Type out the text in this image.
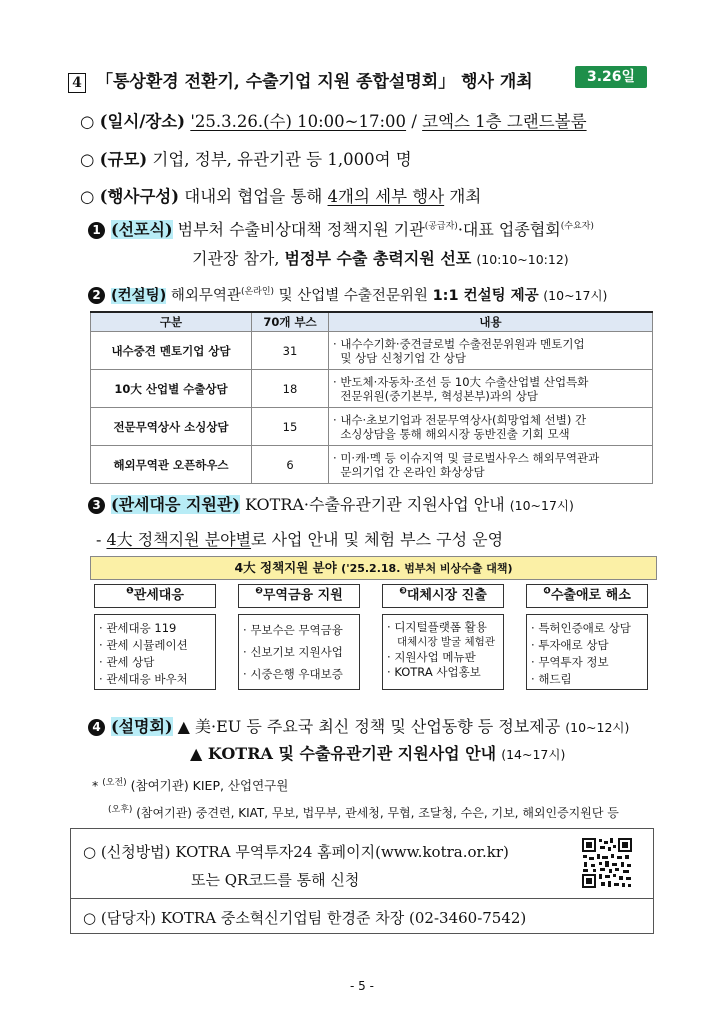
4 「통상환경 전환기, 수출기업 지원 종합설명회」 행사 개최	3.26일
○ (일시/장소) '25.3.26.(수) 10:00~17:00 / 코엑스 1층 그랜드볼룸
○ (규모) 기업, 정부, 유관기관 등 1,000여 명
○ (행사구성) 대내외 협업을 통해 4개의 세부 행사 개최
1 (선포식) 범부처 수출비상대책 정책지원 기관$^{(공급자)}$·대표 업종협회$^{(수요자)}$
기관장 참가, 범정부 수출 총력지원 선포 (10:10~10:12)
2 (컨설팅) 해외무역관$^{(온라인)}$ 및 산업별 수출전문위원 1:1 컨설팅 제공 (10~17시)
구분	70개 부스	내용
내수중견 멘토기업 상담	31	· 내수수기화·중견글로벌 수출전문위원과 멘토기업
및 상담 신청기업 간 상담
10大 산업별 수출상담	18	· 반도체·자동차·조선 등 10大 수출산업별 산업특화
전문위원(중기본부, 혁성본부)과의 상담
전문무역상사 소싱상담	15	· 내수·초보기업과 전문무역상사(희망업체 선별) 간
소싱상담을 통해 해외시장 동반진출 기회 모색
해외무역관 오픈하우스	6	· 미·캐·멕 등 이슈지역 및 글로벌사우스 해외무역관과
문의기업 간 온라인 화상상담
3 (관세대응 지원관) KOTRA·수출유관기관 지원사업 안내 (10~17시)
- 4大 정책지원 분야별로 사업 안내 및 체험 부스 구성 운영
4大 정책지원 분야 ('25.2.18. 범부처 비상수출 대책)
$^❶$관세대응
· 관세대응 119
· 관세 시뮬레이션
· 관세 상담
· 관세대응 바우처
$^❷$무역금융 지원
· 무보수은 무역금융
· 신보기보 지원사업
· 시중은행 우대보증
$^❸$대체시장 진출
· 디지털플랫폼 활용
대체시장 발굴 체험관
· 지원사업 메뉴판
· KOTRA 사업홍보
$^❹$수출애로 해소
· 특허인증애로 상담
· 투자애로 상담
· 무역투자 정보
· 해드림
4 (설명회) ▲ 美·EU 등 주요국 최신 정책 및 산업동향 등 정보제공 (10~12시)
▲ KOTRA 및 수출유관기관 지원사업 안내 (14~17시)
* $^{(오전)}$ (참여기관) KIEP, 산업연구원
$^{(오후)}$ (참여기관) 중견련, KIAT, 무보, 법무부, 관세청, 무협, 조달청, 수은, 기보, 해외인증지원단 등
○ (신청방법) KOTRA 무역투자24 홈페이지(www.kotra.or.kr)
또는 QR코드를 통해 신청
○ (담당자) KOTRA 중소혁신기업팀 한경준 차장 (02-3460-7542)
- 5 -
